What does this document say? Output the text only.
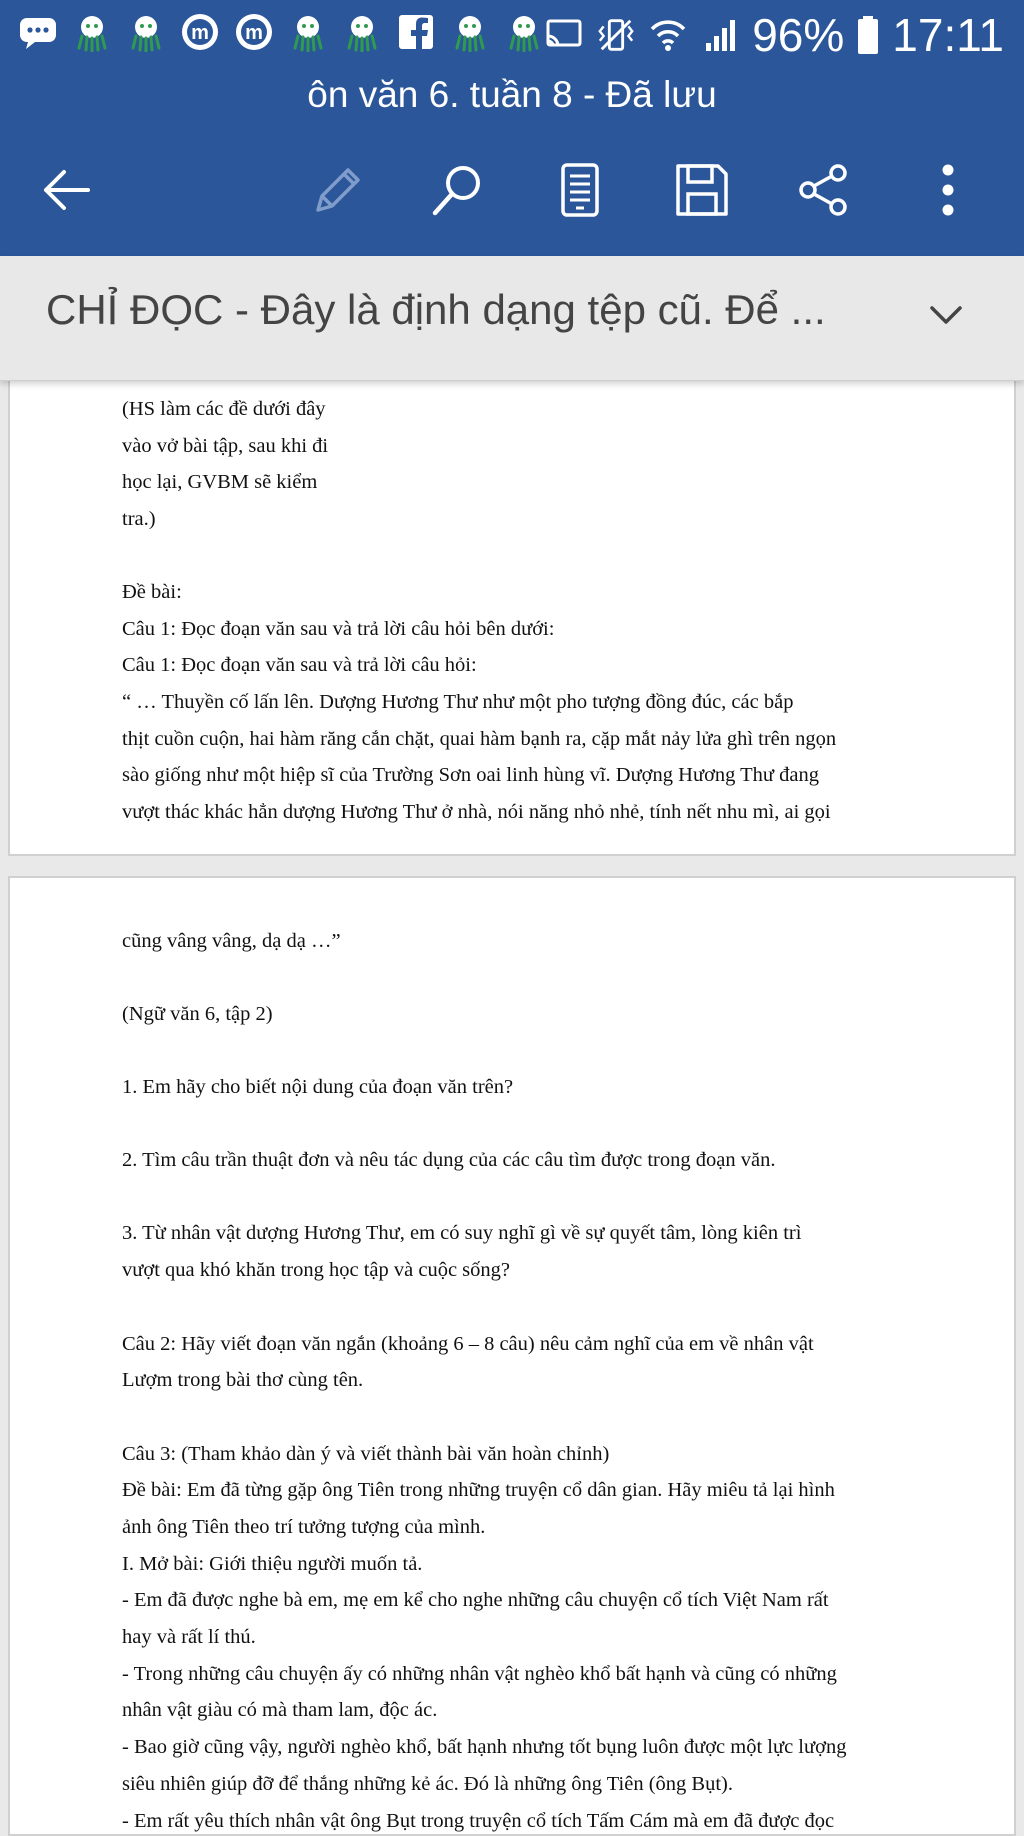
m m	96% 17:11
ôn văn 6. tuần 8 - Đã lưu
CHỈ ĐỌC - Đây là định dạng tệp cũ. Để ...
(HS làm các đề dưới đây
vào vở bài tập, sau khi đi
học lại, GVBM sẽ kiểm
tra.)
Đề bài:
Câu 1: Đọc đoạn văn sau và trả lời câu hỏi bên dưới:
Câu 1: Đọc đoạn văn sau và trả lời câu hỏi:
“ … Thuyền cố lấn lên. Dượng Hương Thư như một pho tượng đồng đúc, các bắp
thịt cuồn cuộn, hai hàm răng cắn chặt, quai hàm bạnh ra, cặp mắt nảy lửa ghì trên ngọn
sào giống như một hiệp sĩ của Trường Sơn oai linh hùng vĩ. Dượng Hương Thư đang
vượt thác khác hẳn dượng Hương Thư ở nhà, nói năng nhỏ nhẻ, tính nết nhu mì, ai gọi
cũng vâng vâng, dạ dạ …”
(Ngữ văn 6, tập 2)
1. Em hãy cho biết nội dung của đoạn văn trên?
2. Tìm câu trần thuật đơn và nêu tác dụng của các câu tìm được trong đoạn văn.
3. Từ nhân vật dượng Hương Thư, em có suy nghĩ gì về sự quyết tâm, lòng kiên trì
vượt qua khó khăn trong học tập và cuộc sống?
Câu 2: Hãy viết đoạn văn ngắn (khoảng 6 – 8 câu) nêu cảm nghĩ của em về nhân vật
Lượm trong bài thơ cùng tên.
Câu 3: (Tham khảo dàn ý và viết thành bài văn hoàn chỉnh)
Đề bài: Em đã từng gặp ông Tiên trong những truyện cổ dân gian. Hãy miêu tả lại hình
ảnh ông Tiên theo trí tưởng tượng của mình.
I. Mở bài: Giới thiệu người muốn tả.
- Em đã được nghe bà em, mẹ em kể cho nghe những câu chuyện cổ tích Việt Nam rất
hay và rất lí thú.
- Trong những câu chuyện ấy có những nhân vật nghèo khổ bất hạnh và cũng có những
nhân vật giàu có mà tham lam, độc ác.
- Bao giờ cũng vậy, người nghèo khổ, bất hạnh nhưng tốt bụng luôn được một lực lượng
siêu nhiên giúp đỡ để thắng những kẻ ác. Đó là những ông Tiên (ông Bụt).
- Em rất yêu thích nhân vật ông Bụt trong truyện cổ tích Tấm Cám mà em đã được đọc
